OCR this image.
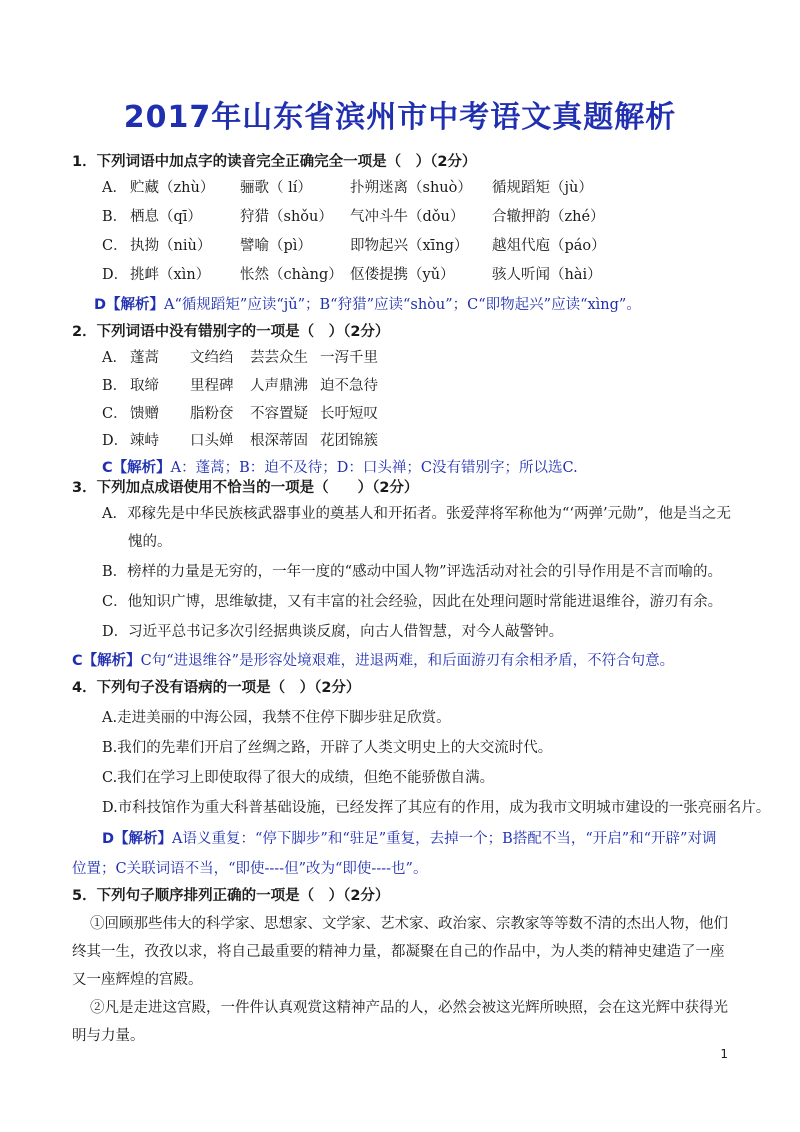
2017年山东省滨州市中考语文真题解析

1．下列词语中加点字的读音完全正确完全一项是（　）（2分）

A． 贮藏（zhù） 骊歌（ lí）	扑朔迷离（shuò） 循规蹈矩（jù）
B． 栖息（qī）	狩猎（shǒu） 气冲斗牛（dǒu） 合辙押韵（zhé）
C． 执拗（niù） 譬喻（pì）	即物起兴（xīng） 越俎代庖（páo）
D． 挑衅（xìn） 怅然（chàng） 伛偻提携（yǔ）	骇人听闻（hài）
D【解析】A“循规蹈矩”应读“jǔ”；B“狩猎”应读“shòu”；C“即物起兴”应读“xìng”。

2．下列词语中没有错别字的一项是（　）（2分）

A． 蓬蒿 文绉绉 芸芸众生 一泻千里
B． 取缔 里程碑 人声鼎沸 迫不急待
C． 馈赠 脂粉奁 不容置疑 长吁短叹
D． 竦峙 口头婵 根深蒂固 花团锦簇
C【解析】A：蓬蒿；B：迫不及待；D：口头禅；C没有错别字；所以选C.

3．下列加点成语使用不恰当的一项是（　　）（2分）

A．邓稼先是中华民族核武器事业的奠基人和开拓者。张爱萍将军称他为“‘两弹’元勋”，他是当之无

愧的。

B．榜样的力量是无穷的，一年一度的“感动中国人物”评选活动对社会的引导作用是不言而喻的。
C．他知识广博，思维敏捷，又有丰富的社会经验，因此在处理问题时常能进退维谷，游刃有余。
D．习近平总书记多次引经据典谈反腐，向古人借智慧，对今人敲警钟。
C【解析】C句“进退维谷”是形容处境艰难，进退两难，和后面游刃有余相矛盾，不符合句意。

4．下列句子没有语病的一项是（　）（2分）

A.走进美丽的中海公园，我禁不住停下脚步驻足欣赏。
B.我们的先辈们开启了丝绸之路，开辟了人类文明史上的大交流时代。
C.我们在学习上即使取得了很大的成绩，但绝不能骄傲自满。
D.市科技馆作为重大科普基础设施，已经发挥了其应有的作用，成为我市文明城市建设的一张亮丽名片。
D【解析】A语义重复：“停下脚步”和“驻足”重复，去掉一个；B搭配不当，“开启”和“开辟”对调

位置；C关联词语不当，“即使----但”改为“即使----也”。

5．下列句子顺序排列正确的一项是（　）（2分）

①回顾那些伟大的科学家、思想家、文学家、艺术家、政治家、宗教家等等数不清的杰出人物，他们终其一生，孜孜以求，将自己最重要的精神力量，都凝聚在自己的作品中，为人类的精神史建造了一座又一座辉煌的宫殿。

②凡是走进这宫殿，一件件认真观赏这精神产品的人，必然会被这光辉所映照，会在这光辉中获得光明与力量。

1
